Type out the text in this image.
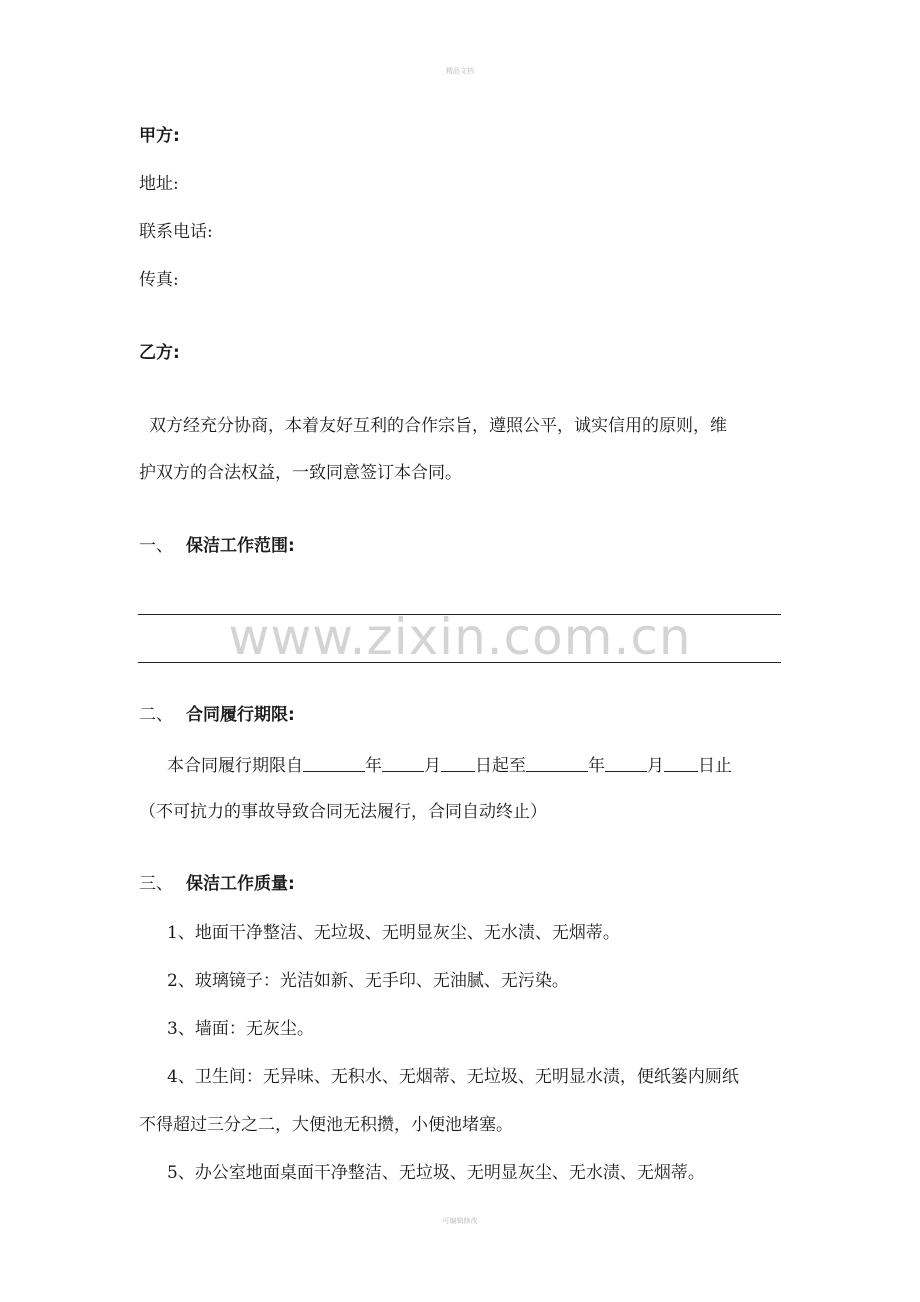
精品文档
甲方:
地址:
联系电话:
传真:
乙方:
双方经充分协商，本着友好互利的合作宗旨，遵照公平，诚实信用的原则，维
护双方的合法权益，一致同意签订本合同。
一、 保洁工作范围:
www.zixin.com.cn
二、 合同履行期限:
本合同履行期限自	年 月 日起至	年 月 日止
（不可抗力的事故导致合同无法履行，合同自动终止）
三、 保洁工作质量:
1、地面干净整洁、无垃圾、无明显灰尘、无水渍、无烟蒂。
2、玻璃镜子：光洁如新、无手印、无油腻、无污染。
3、墙面：无灰尘。
4、卫生间：无异味、无积水、无烟蒂、无垃圾、无明显水渍，便纸篓内厕纸
不得超过三分之二，大便池无积攒，小便池堵塞。
5、办公室地面桌面干净整洁、无垃圾、无明显灰尘、无水渍、无烟蒂。
可编辑修改
